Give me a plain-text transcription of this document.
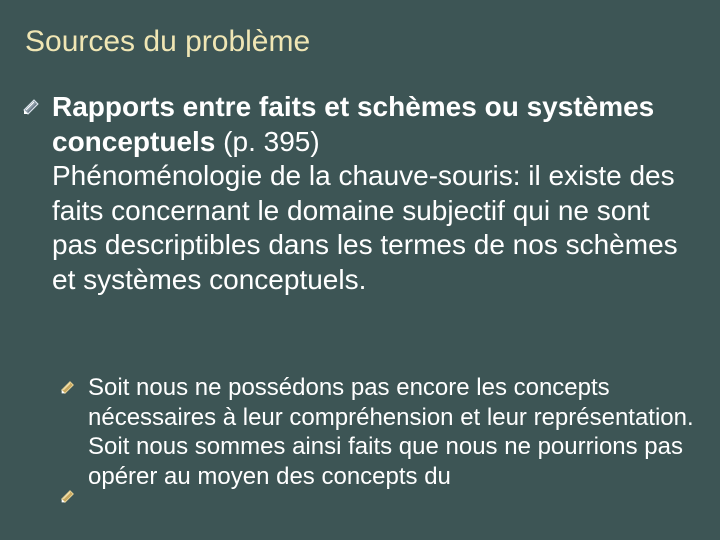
Sources du problème

Rapports entre faits et schèmes ou systèmes conceptuels (p. 395)

Phénoménologie de la chauve-souris: il existe des faits concernant le domaine subjectif qui ne sont pas descriptibles dans les termes de nos schèmes et systèmes conceptuels.

Soit nous ne possédons pas encore les concepts nécessaires à leur compréhension et leur représentation.

Soit nous sommes ainsi faits que nous ne pourrions pas opérer au moyen des concepts du
